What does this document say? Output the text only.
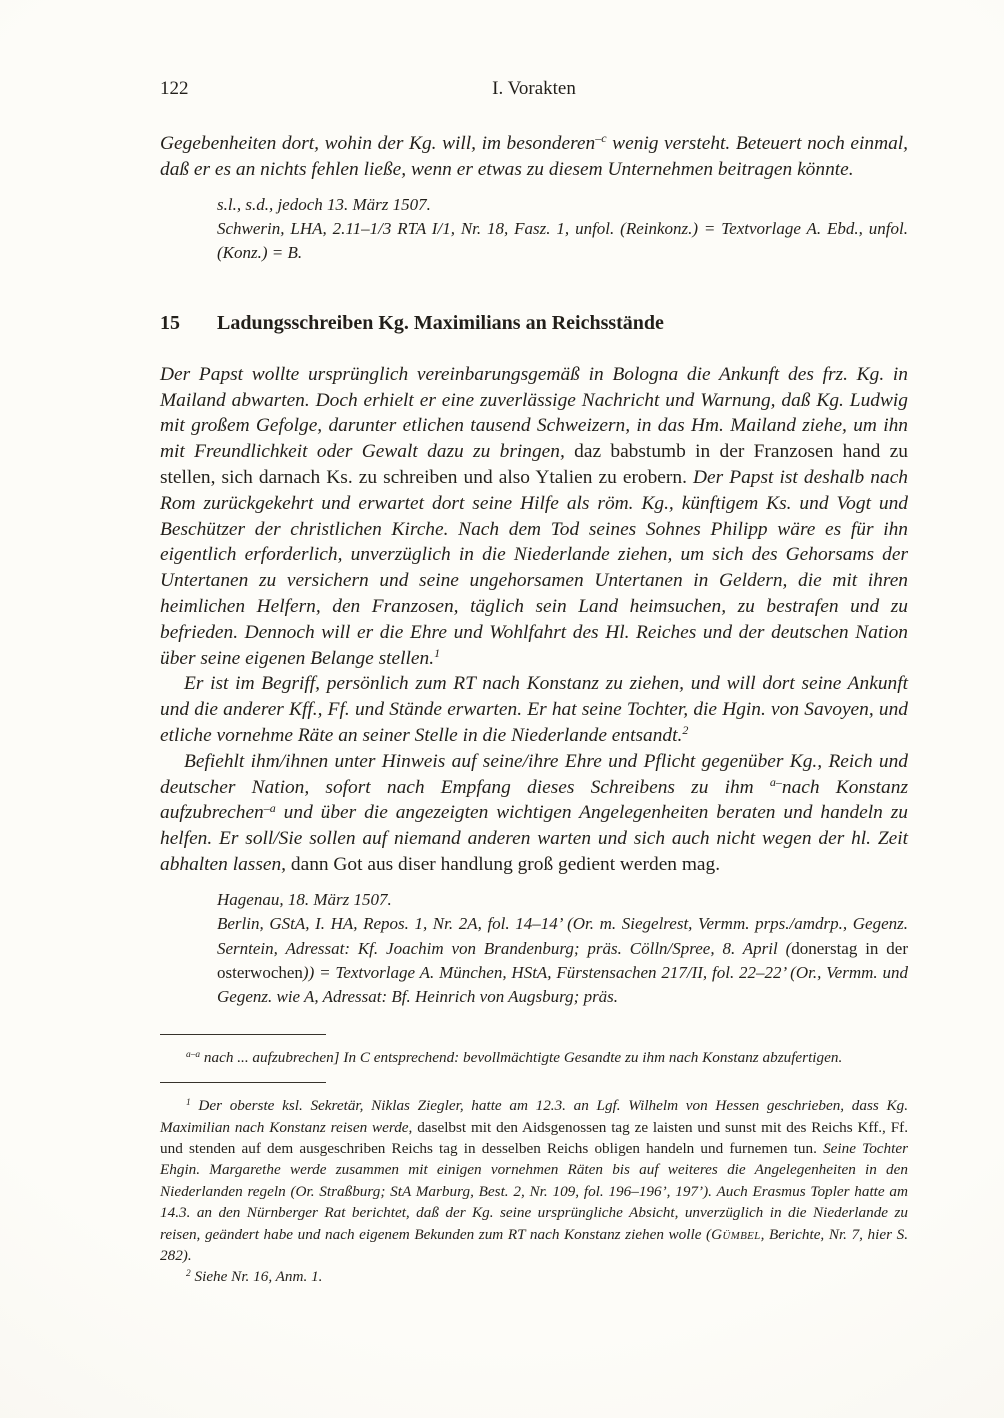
122	I. Vorakten

Gegebenheiten dort, wohin der Kg. will, im besonderen$^{-c}$ wenig versteht. Beteuert noch einmal, daß er es an nichts fehlen ließe, wenn er etwas zu diesem Unternehmen beitragen könnte.

s.l., s.d., jedoch 13. März 1507.

Schwerin, LHA, 2.11–1/3 RTA I/1, Nr. 18, Fasz. 1, unfol. (Reinkonz.) = Textvorlage A. Ebd., unfol. (Konz.) = B.

15 Ladungsschreiben Kg. Maximilians an Reichsstände

Der Papst wollte ursprünglich vereinbarungsgemäß in Bologna die Ankunft des frz. Kg. in Mailand abwarten. Doch erhielt er eine zuverlässige Nachricht und Warnung, daß Kg. Ludwig mit großem Gefolge, darunter etlichen tausend Schweizern, in das Hm. Mailand ziehe, um ihn mit Freundlichkeit oder Gewalt dazu zu bringen, daz babstumb in der Franzosen hand zu stellen, sich darnach Ks. zu schreiben und also Ytalien zu erobern. Der Papst ist deshalb nach Rom zurückgekehrt und erwartet dort seine Hilfe als röm. Kg., künftigem Ks. und Vogt und Beschützer der christlichen Kirche. Nach dem Tod seines Sohnes Philipp wäre es für ihn eigentlich erforderlich, unverzüglich in die Niederlande ziehen, um sich des Gehorsams der Untertanen zu versichern und seine ungehorsamen Untertanen in Geldern, die mit ihren heimlichen Helfern, den Franzosen, täglich sein Land heimsuchen, zu bestrafen und zu befrieden. Dennoch will er die Ehre und Wohlfahrt des Hl. Reiches und der deutschen Nation über seine eigenen Belange stellen.$^1$

Er ist im Begriff, persönlich zum RT nach Konstanz zu ziehen, und will dort seine Ankunft und die anderer Kff., Ff. und Stände erwarten. Er hat seine Tochter, die Hgin. von Savoyen, und etliche vornehme Räte an seiner Stelle in die Niederlande entsandt.$^2$

Befiehlt ihm/ihnen unter Hinweis auf seine/ihre Ehre und Pflicht gegenüber Kg., Reich und deutscher Nation, sofort nach Empfang dieses Schreibens zu ihm $^{a-}$nach Konstanz aufzubrechen$^{-a}$ und über die angezeigten wichtigen Angelegenheiten beraten und handeln zu helfen. Er soll/Sie sollen auf niemand anderen warten und sich auch nicht wegen der hl. Zeit abhalten lassen, dann Got aus diser handlung groß gedient werden mag.

Hagenau, 18. März 1507.

Berlin, GStA, I. HA, Repos. 1, Nr. 2A, fol. 14–14’ (Or. m. Siegelrest, Vermm. prps./amdrp., Gegenz. Serntein, Adressat: Kf. Joachim von Brandenburg; präs. Cölln/Spree, 8. April (donerstag in der osterwochen)) = Textvorlage A. München, HStA, Fürstensachen 217/II, fol. 22–22’ (Or., Vermm. und Gegenz. wie A, Adressat: Bf. Heinrich von Augsburg; präs.

$^{a-a}$ nach ... aufzubrechen] In C entsprechend: bevollmächtigte Gesandte zu ihm nach Konstanz abzufertigen.

$^1$ Der oberste ksl. Sekretär, Niklas Ziegler, hatte am 12.3. an Lgf. Wilhelm von Hessen geschrieben, dass Kg. Maximilian nach Konstanz reisen werde, daselbst mit den Aidsgenossen tag ze laisten und sunst mit des Reichs Kff., Ff. und stenden auf dem ausgeschriben Reichs tag in desselben Reichs obligen handeln und furnemen tun. Seine Tochter Ehgin. Margarethe werde zusammen mit einigen vornehmen Räten bis auf weiteres die Angelegenheiten in den Niederlanden regeln (Or. Straßburg; StA Marburg, Best. 2, Nr. 109, fol. 196–196’, 197’). Auch Erasmus Topler hatte am 14.3. an den Nürnberger Rat berichtet, daß der Kg. seine ursprüngliche Absicht, unverzüglich in die Niederlande zu reisen, geändert habe und nach eigenem Bekunden zum RT nach Konstanz ziehen wolle (Gümbel, Berichte, Nr. 7, hier S. 282).

$^2$ Siehe Nr. 16, Anm. 1.
